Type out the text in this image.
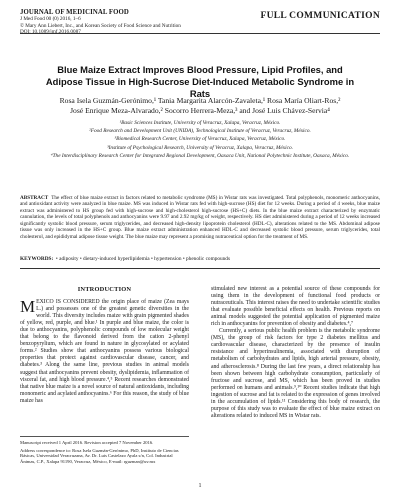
JOURNAL OF MEDICINAL FOOD
J Med Food 00 (0) 2016, 1–6
© Mary Ann Liebert, Inc., and Korean Society of Food Science and Nutrition
DOI: 10.1089/jmf.2016.0087
FULL COMMUNICATION
Blue Maize Extract Improves Blood Pressure, Lipid Profiles, and Adipose Tissue in High-Sucrose Diet-Induced Metabolic Syndrome in Rats
Rosa Isela Guzmán-Gerónimo,¹ Tania Margarita Alarcón-Zavaleta,¹ Rosa María Oliart-Ros,²
José Enrique Meza-Alvarado,² Socorro Herrera-Meza,³ and José Luis Chávez-Servia⁴
¹Basic Sciences Institute, University of Veracruz, Xalapa, Veracruz, México.
²Food Research and Development Unit (UNIDA), Technological Institute of Veracruz, Veracruz, México.
³Biomedical Research Center, University of Veracruz, Xalapa, Veracruz, México.
³Institute of Psychological Research, University of Veracruz, Xalapa, Veracruz, México.
⁴The Interdisciplinary Research Center for Integrated Regional Development, Oaxaca Unit, National Polytechnic Institute, Oaxaca, México.
ABSTRACT The effect of blue maize extract in factors related to metabolic syndrome (MS) in Wistar rats was investigated. Total polyphenols, monomeric anthocyanins, and antioxidant activity were analyzed in blue maize. MS was induced in Wistar rats fed with high-sucrose (HS) diet for 12 weeks. During a period of 4 weeks, blue maize extract was administered to HS group fed with high-sucrose and high-cholesterol high-sucrose (HS+C) diets. In the blue maize extract characterized by enzymatic cannulation, the levels of total polyphenols and anthocyanins were 9.97 and 2.92 mg/kg of weight, respectively. HS diet administered during a period of 12 weeks increased significantly systolic blood pressure, serum triglycerides, and decreased high-density lipoprotein cholesterol (HDL-C), alterations related to the MS. Abdominal adipose tissue was only increased in the HS+C group. Blue maize extract administration enhanced HDL-C and decreased systolic blood pressure, serum triglycerides, total cholesterol, and epididymal adipose tissue weight. The blue maize may represent a promising nutraceutical option for the treatment of MS.
KEYWORDS: • adiposity • dietary-induced hyperlipidemia • hypertension • phenolic compounds
INTRODUCTION

MEXICO IS CONSIDERED the origin place of maize (Zea mays L.) and possesses one of the greatest genetic diversities in the world. This diversity includes maize with grain pigmented shades of yellow, red, purple, and blue.¹ In purple and blue maize, the color is due to anthocyanins, polyphenolic compounds of low molecular weight that belong to the flavonoid derived from the cation 2-phenyl benzopyrylium, which are found in nature in glycosylated or acylated forms.² Studies show that anthocyanins possess various biological properties that protect against cardiovascular disease, cancer, and diabetes.³ Along the same line, previous studies in animal models suggest that anthocyanins prevent obesity, dyslipidemia, inflammation of visceral fat, and high blood pressure.⁴,⁵ Recent researches demonstrated that native blue maize is a novel source of natural antioxidants, including monomeric and acylated anthocyanins.⁶ For this reason, the study of blue maize has

stimulated new interest as a potential source of these compounds for using them in the development of functional food products or nutraceuticals. This interest raises the need to undertake scientific studies that evaluate possible beneficial effects on health. Previous reports on animal models suggested the potential application of pigmented maize rich in anthocyanins for prevention of obesity and diabetes.⁴,⁷

Currently, a serious public health problem is the metabolic syndrome (MS), the group of risk factors for type 2 diabetes mellitus and cardiovascular disease, characterized by the presence of insulin resistance and hyperinsulinemia, associated with disruption of metabolism of carbohydrates and lipids, high arterial pressure, obesity, and atherosclerosis.⁸ During the last few years, a direct relationship has been shown between high carbohydrate consumption, particularly of fructose and sucrose, and MS, which has been proved in studies performed on humans and animals.⁹,¹⁰ Recent studies indicate that high ingestion of sucrose and fat is related to the expression of genes involved in the accumulation of lipids.¹¹ Considering this body of research, the purpose of this study was to evaluate the effect of blue maize extract on alterations related to induced MS in Wistar rats.

Manuscript received 1 April 2016. Revision accepted 7 November 2016.

Address correspondence to: Rosa Isela Guzmán-Gerónimo, PhD, Instituto de Ciencias Básicas, Universidad Veracruzana, Av. Dr. Luis Castelazo Ayala s/n, Col. Industrial Ánimas, C.P., Xalapa 91190, Veracruz, México, E-mail: rguzman@uv.mx

1
